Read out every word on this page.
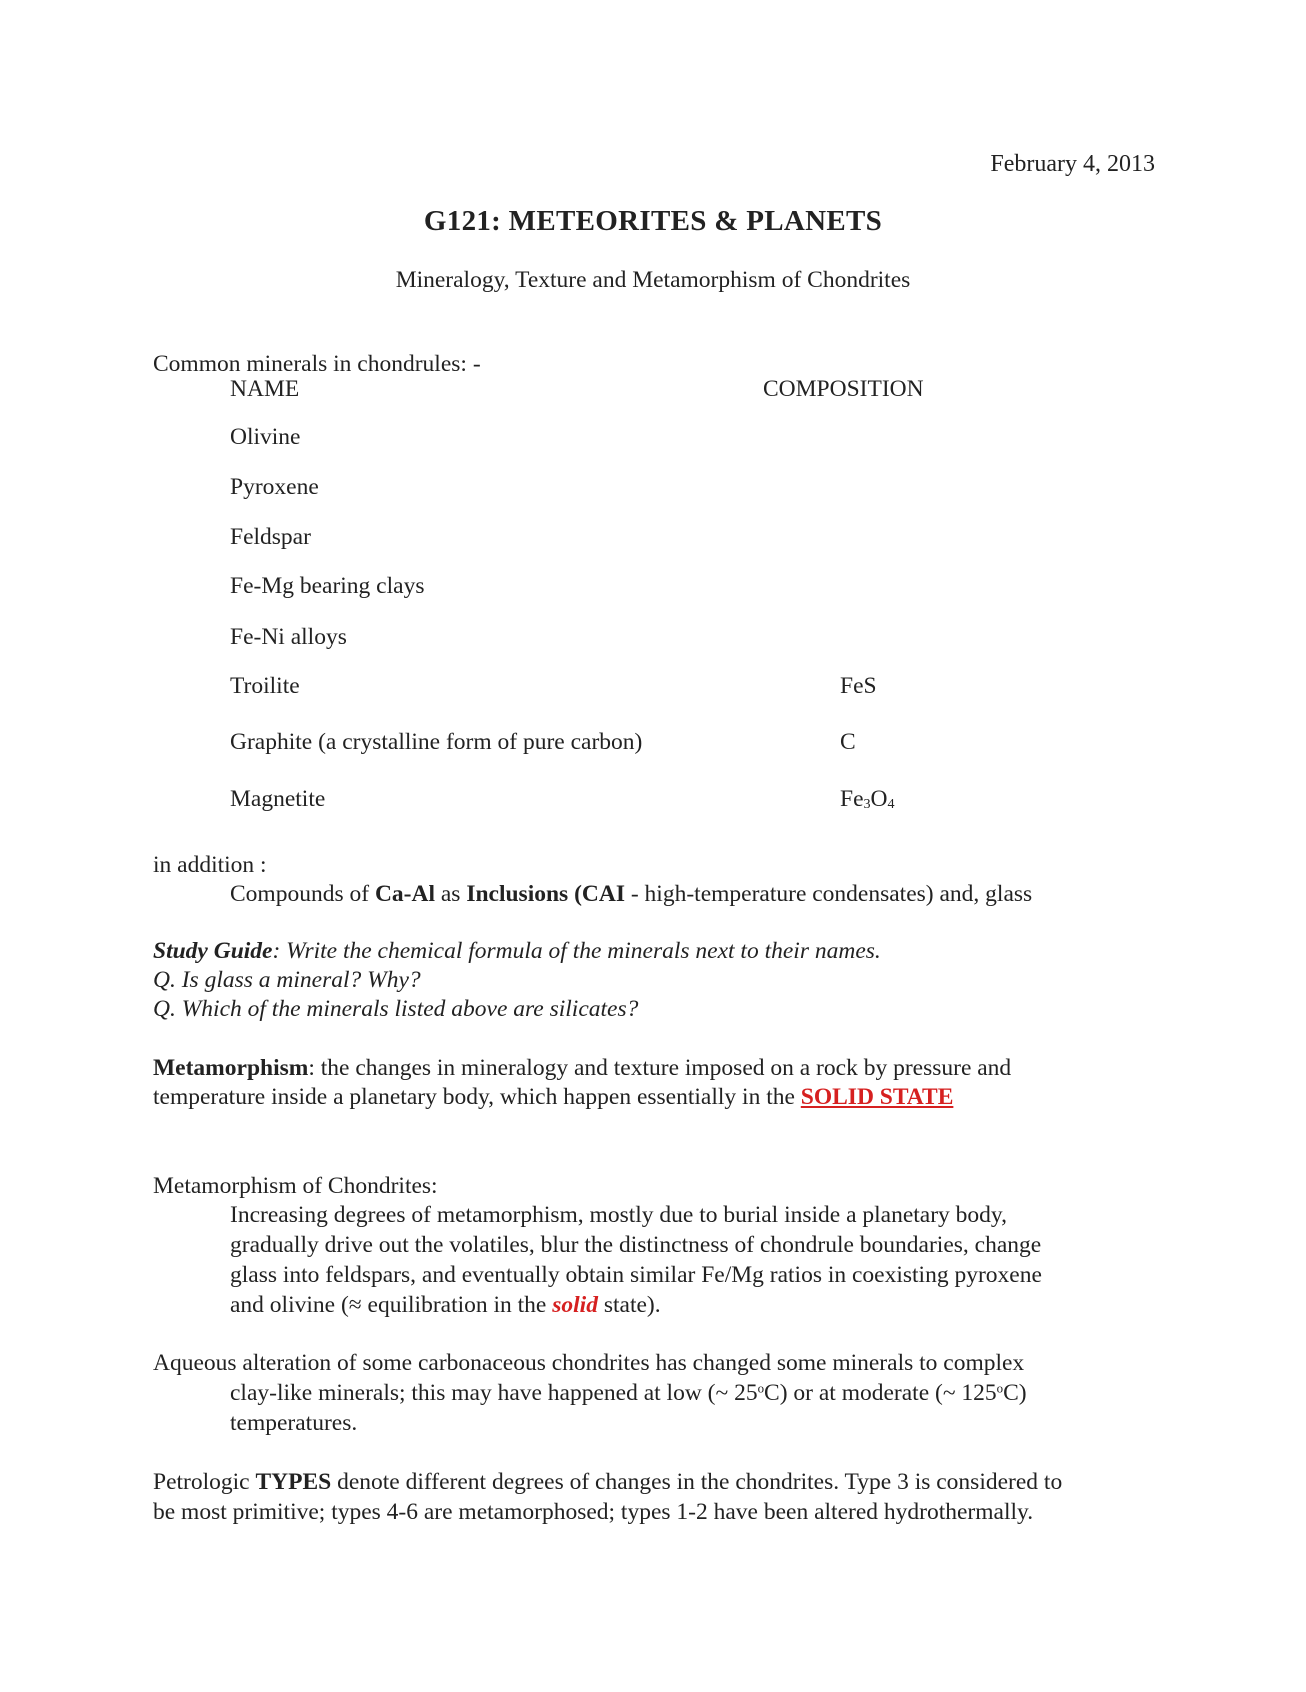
February 4, 2013
G121: METEORITES & PLANETS
Mineralogy, Texture and Metamorphism of Chondrites
Common minerals in chondrules: -
NAME	COMPOSITION
Olivine
Pyroxene
Feldspar
Fe-Mg bearing clays
Fe-Ni alloys
Troilite	FeS
Graphite (a crystalline form of pure carbon)	C
Magnetite	$Fe_3O_4$
in addition :
Compounds of Ca-Al as Inclusions (CAI - high-temperature condensates) and, glass
Study Guide: Write the chemical formula of the minerals next to their names.
Q. Is glass a mineral? Why?
Q. Which of the minerals listed above are silicates?
Metamorphism: the changes in mineralogy and texture imposed on a rock by pressure and
temperature inside a planetary body, which happen essentially in the SOLID STATE
Metamorphism of Chondrites:
Increasing degrees of metamorphism, mostly due to burial inside a planetary body,
gradually drive out the volatiles, blur the distinctness of chondrule boundaries, change
glass into feldspars, and eventually obtain similar Fe/Mg ratios in coexisting pyroxene
and olivine (≈ equilibration in the solid state).
Aqueous alteration of some carbonaceous chondrites has changed some minerals to complex
clay-like minerals; this may have happened at low (~ 25$^o$C) or at moderate (~ 125$^o$C)
temperatures.
Petrologic TYPES denote different degrees of changes in the chondrites. Type 3 is considered to
be most primitive; types 4-6 are metamorphosed; types 1-2 have been altered hydrothermally.
